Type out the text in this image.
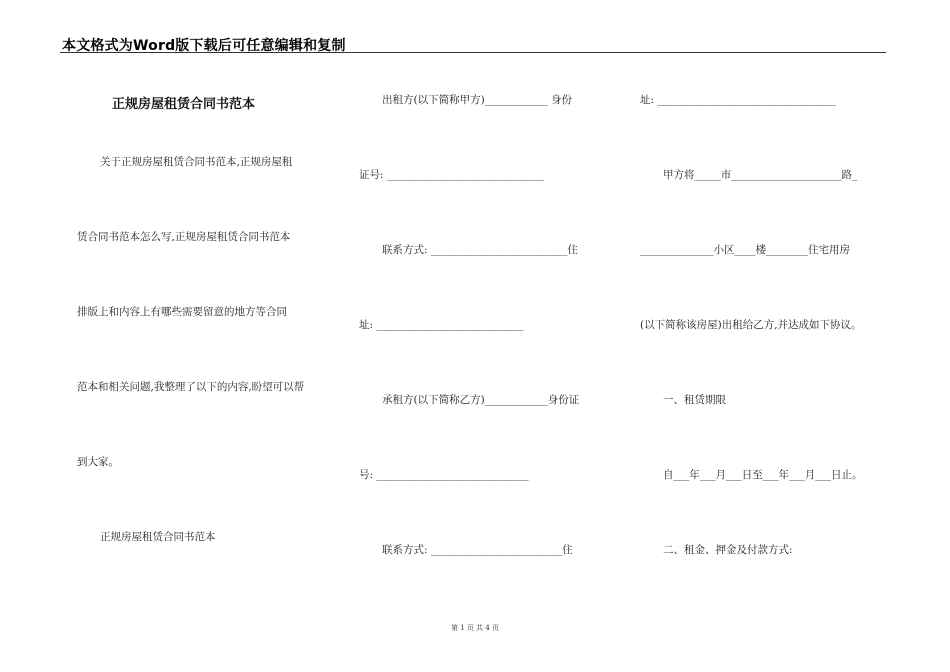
本文格式为Word版下载后可任意编辑和复制
正规房屋租赁合同书范本
关于正规房屋租赁合同书范本,正规房屋租
赁合同书范本怎么写,正规房屋租赁合同书范本
排版上和内容上有哪些需要留意的地方等合同
范本和相关问题,我整理了以下的内容,盼望可以帮
到大家。
正规房屋租赁合同书范本
出租方(以下简称甲方)____________ 身份
证号: ______________________________
联系方式: __________________________住
址: ____________________________
承租方(以下简称乙方)____________身份证
号: _____________________________
联系方式: _________________________住
址: __________________________________
甲方将_____市_____________________路_
______________小区____楼________住宅用房
(以下简称该房屋)出租给乙方,并达成如下协议。
一、租赁期限
自___年___月___日至___年___月___日止。
二、租金、押金及付款方式:
第 1 页 共 4 页
